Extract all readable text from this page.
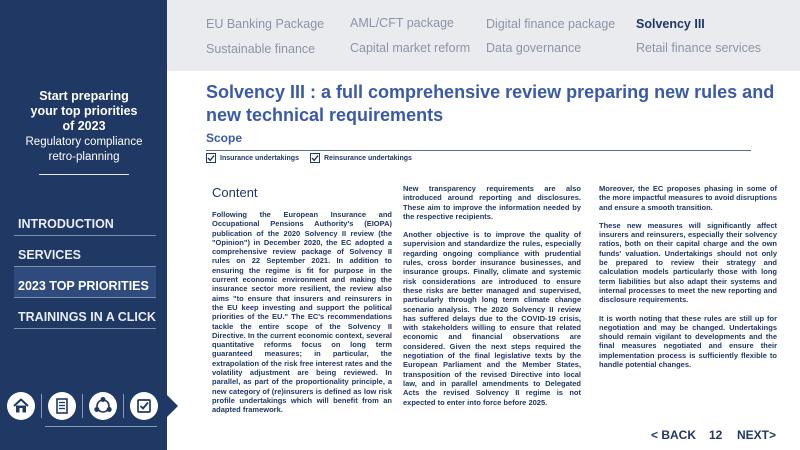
Start preparing
your top priorities
of 2023
Regulatory compliance
retro-planning
INTRODUCTION
SERVICES
2023 TOP PRIORITIES
TRAININGS IN A CLICK
EU Banking Package AML/CFT package	Digital finance package Solvency III
Sustainable finance	Capital market reform Data governance	Retail finance services
Solvency III : a full comprehensive review preparing new rules and new technical requirements
Scope
Insurance undertakings	Reinsurance undertakings
Content

Following the European Insurance and Occupational Pensions Authority's (EIOPA) publication of the 2020 Solvency II review (the "Opinion") in December 2020, the EC adopted a comprehensive review package of Solvency II rules on 22 September 2021. In addition to ensuring the regime is fit for purpose in the current economic environment and making the insurance sector more resilient, the review also aims "to ensure that insurers and reinsurers in the EU keep investing and support the political priorities of the EU." The EC's recommendations tackle the entire scope of the Solvency II Directive. In the current economic context, several quantitative reforms focus on long term guaranteed measures; in particular, the extrapolation of the risk free interest rates and the volatility adjustment are being reviewed. In parallel, as part of the proportionality principle, a new category of (re)insurers is defined as low risk profile undertakings which will benefit from an adapted framework.

New transparency requirements are also introduced around reporting and disclosures. These aim to improve the information needed by the respective recipients.

Another objective is to improve the quality of supervision and standardize the rules, especially regarding ongoing compliance with prudential rules, cross border insurance businesses, and insurance groups. Finally, climate and systemic risk considerations are introduced to ensure these risks are better managed and supervised, particularly through long term climate change scenario analysis. The 2020 Solvency II review has suffered delays due to the COVID-19 crisis, with stakeholders willing to ensure that related economic and financial observations are considered. Given the next steps required the negotiation of the final legislative texts by the European Parliament and the Member States, transposition of the revised Directive into local law, and in parallel amendments to Delegated Acts the revised Solvency II regime is not expected to enter into force before 2025.

Moreover, the EC proposes phasing in some of the more impactful measures to avoid disruptions and ensure a smooth transition.

These new measures will significantly affect insurers and reinsurers, especially their solvency ratios, both on their capital charge and the own funds' valuation. Undertakings should not only be prepared to review their strategy and calculation models particularly those with long term liabilities but also adapt their systems and internal processes to meet the new reporting and disclosure requirements.

It is worth noting that these rules are still up for negotiation and may be changed. Undertakings should remain vigilant to developments and the final measures negotiated and ensure their implementation process is sufficiently flexible to handle potential changes.

< BACK 12 NEXT>
